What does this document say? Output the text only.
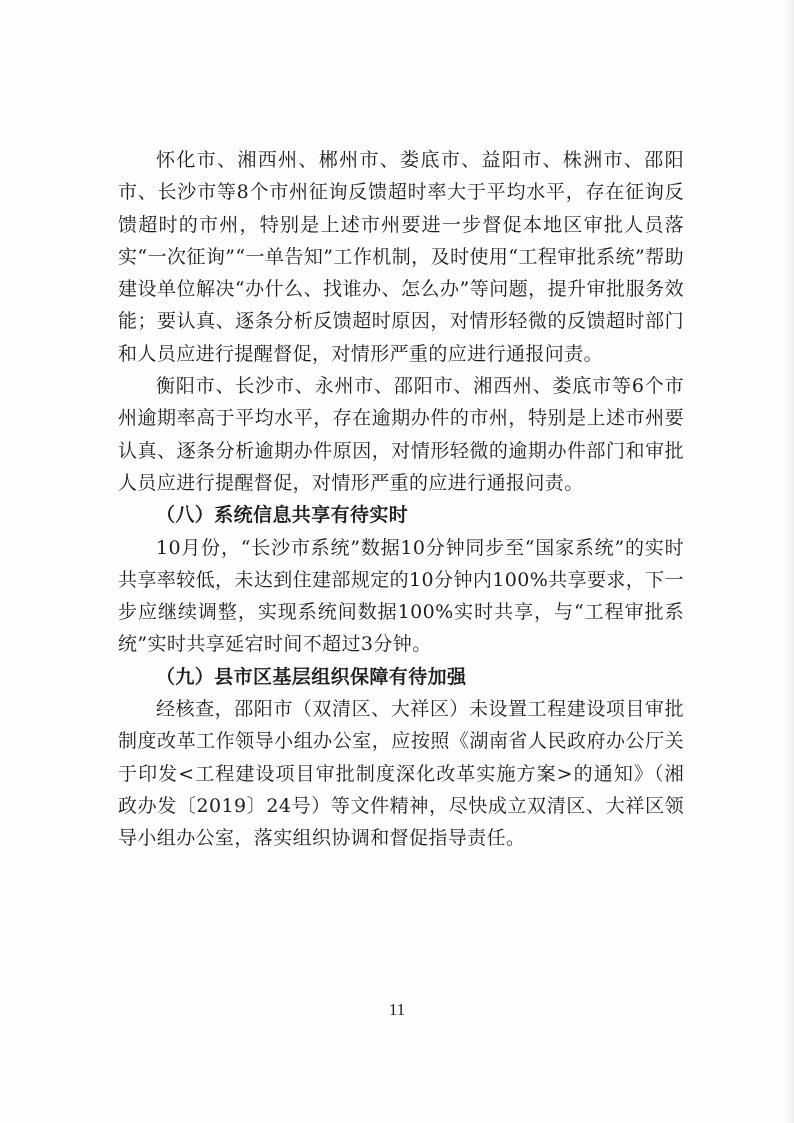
怀化市、湘西州、郴州市、娄底市、益阳市、株洲市、邵阳市、长沙市等8个市州征询反馈超时率大于平均水平，存在征询反馈超时的市州，特别是上述市州要进一步督促本地区审批人员落实“一次征询”“一单告知”工作机制，及时使用“工程审批系统”帮助建设单位解决“办什么、找谁办、怎么办”等问题，提升审批服务效能；要认真、逐条分析反馈超时原因，对情形轻微的反馈超时部门和人员应进行提醒督促，对情形严重的应进行通报问责。

衡阳市、长沙市、永州市、邵阳市、湘西州、娄底市等6个市州逾期率高于平均水平，存在逾期办件的市州，特别是上述市州要认真、逐条分析逾期办件原因，对情形轻微的逾期办件部门和审批人员应进行提醒督促，对情形严重的应进行通报问责。

（八）系统信息共享有待实时

10月份，“长沙市系统”数据10分钟同步至“国家系统”的实时共享率较低，未达到住建部规定的10分钟内100%共享要求，下一步应继续调整，实现系统间数据100%实时共享，与“工程审批系统”实时共享延宕时间不超过3分钟。

（九）县市区基层组织保障有待加强

经核查，邵阳市（双清区、大祥区）未设置工程建设项目审批制度改革工作领导小组办公室，应按照《湖南省人民政府办公厅关于印发<工程建设项目审批制度深化改革实施方案>的通知》（湘政办发〔2019〕24号）等文件精神，尽快成立双清区、大祥区领导小组办公室，落实组织协调和督促指导责任。

11
